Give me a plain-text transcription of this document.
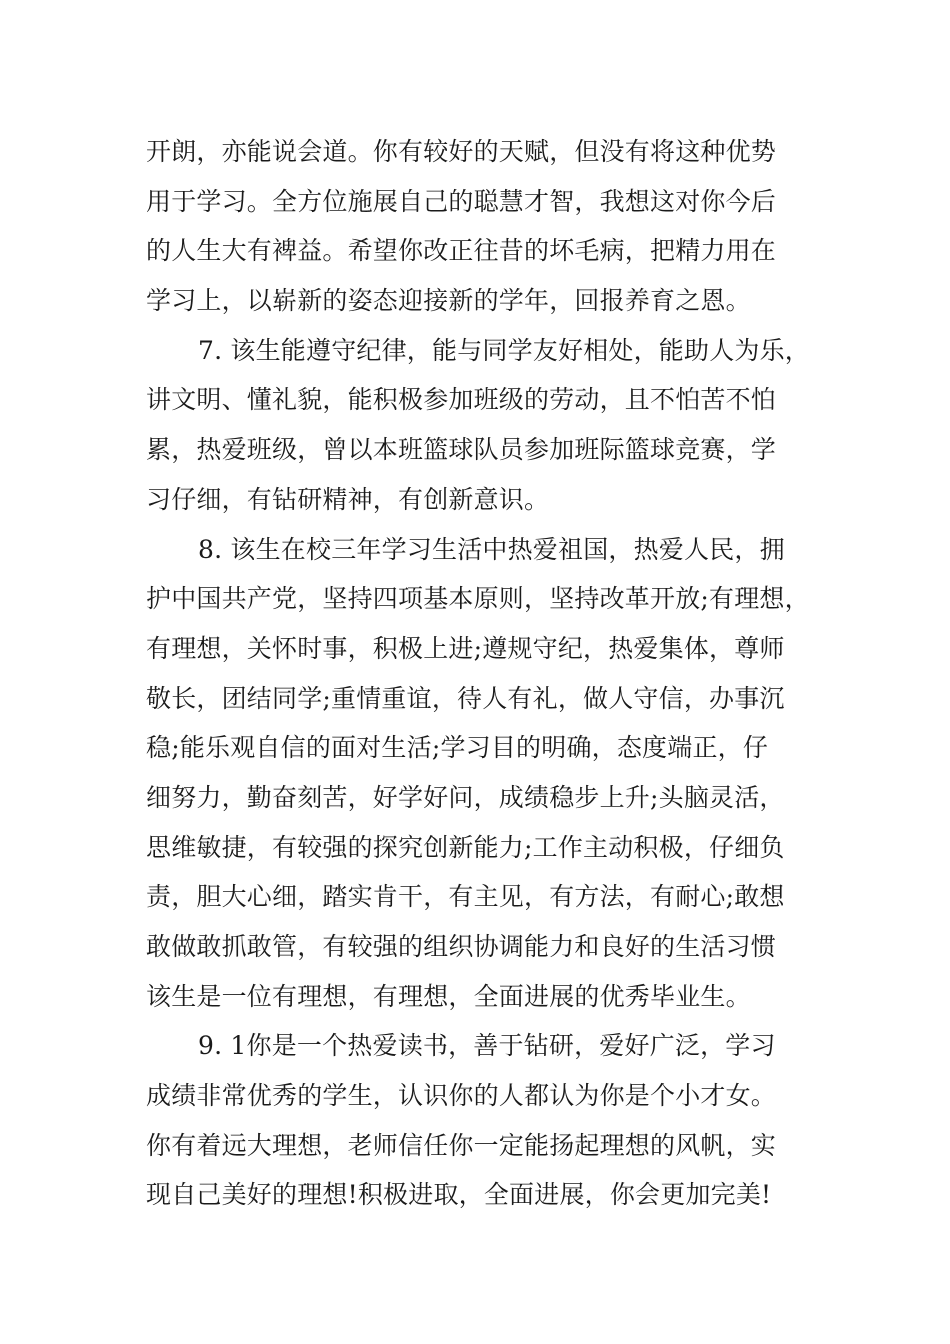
开朗，亦能说会道。你有较好的天赋，但没有将这种优势
用于学习。全方位施展自己的聪慧才智，我想这对你今后
的人生大有裨益。希望你改正往昔的坏毛病，把精力用在
学习上，以崭新的姿态迎接新的学年，回报养育之恩。
7. 该生能遵守纪律，能与同学友好相处，能助人为乐，
讲文明、懂礼貌，能积极参加班级的劳动，且不怕苦不怕
累，热爱班级，曾以本班篮球队员参加班际篮球竞赛，学
习仔细，有钻研精神，有创新意识。
8. 该生在校三年学习生活中热爱祖国，热爱人民，拥
护中国共产党，坚持四项基本原则，坚持改革开放;有理想，
有理想，关怀时事，积极上进;遵规守纪，热爱集体，尊师
敬长，团结同学;重情重谊，待人有礼，做人守信，办事沉
稳;能乐观自信的面对生活;学习目的明确，态度端正，仔
细努力，勤奋刻苦，好学好问，成绩稳步上升;头脑灵活，
思维敏捷，有较强的探究创新能力;工作主动积极，仔细负
责，胆大心细，踏实肯干，有主见，有方法，有耐心;敢想
敢做敢抓敢管，有较强的组织协调能力和良好的生活习惯
该生是一位有理想，有理想，全面进展的优秀毕业生。
9. 1你是一个热爱读书，善于钻研，爱好广泛，学习
成绩非常优秀的学生，认识你的人都认为你是个小才女。
你有着远大理想，老师信任你一定能扬起理想的风帆，实
现自己美好的理想!积极进取，全面进展，你会更加完美!
